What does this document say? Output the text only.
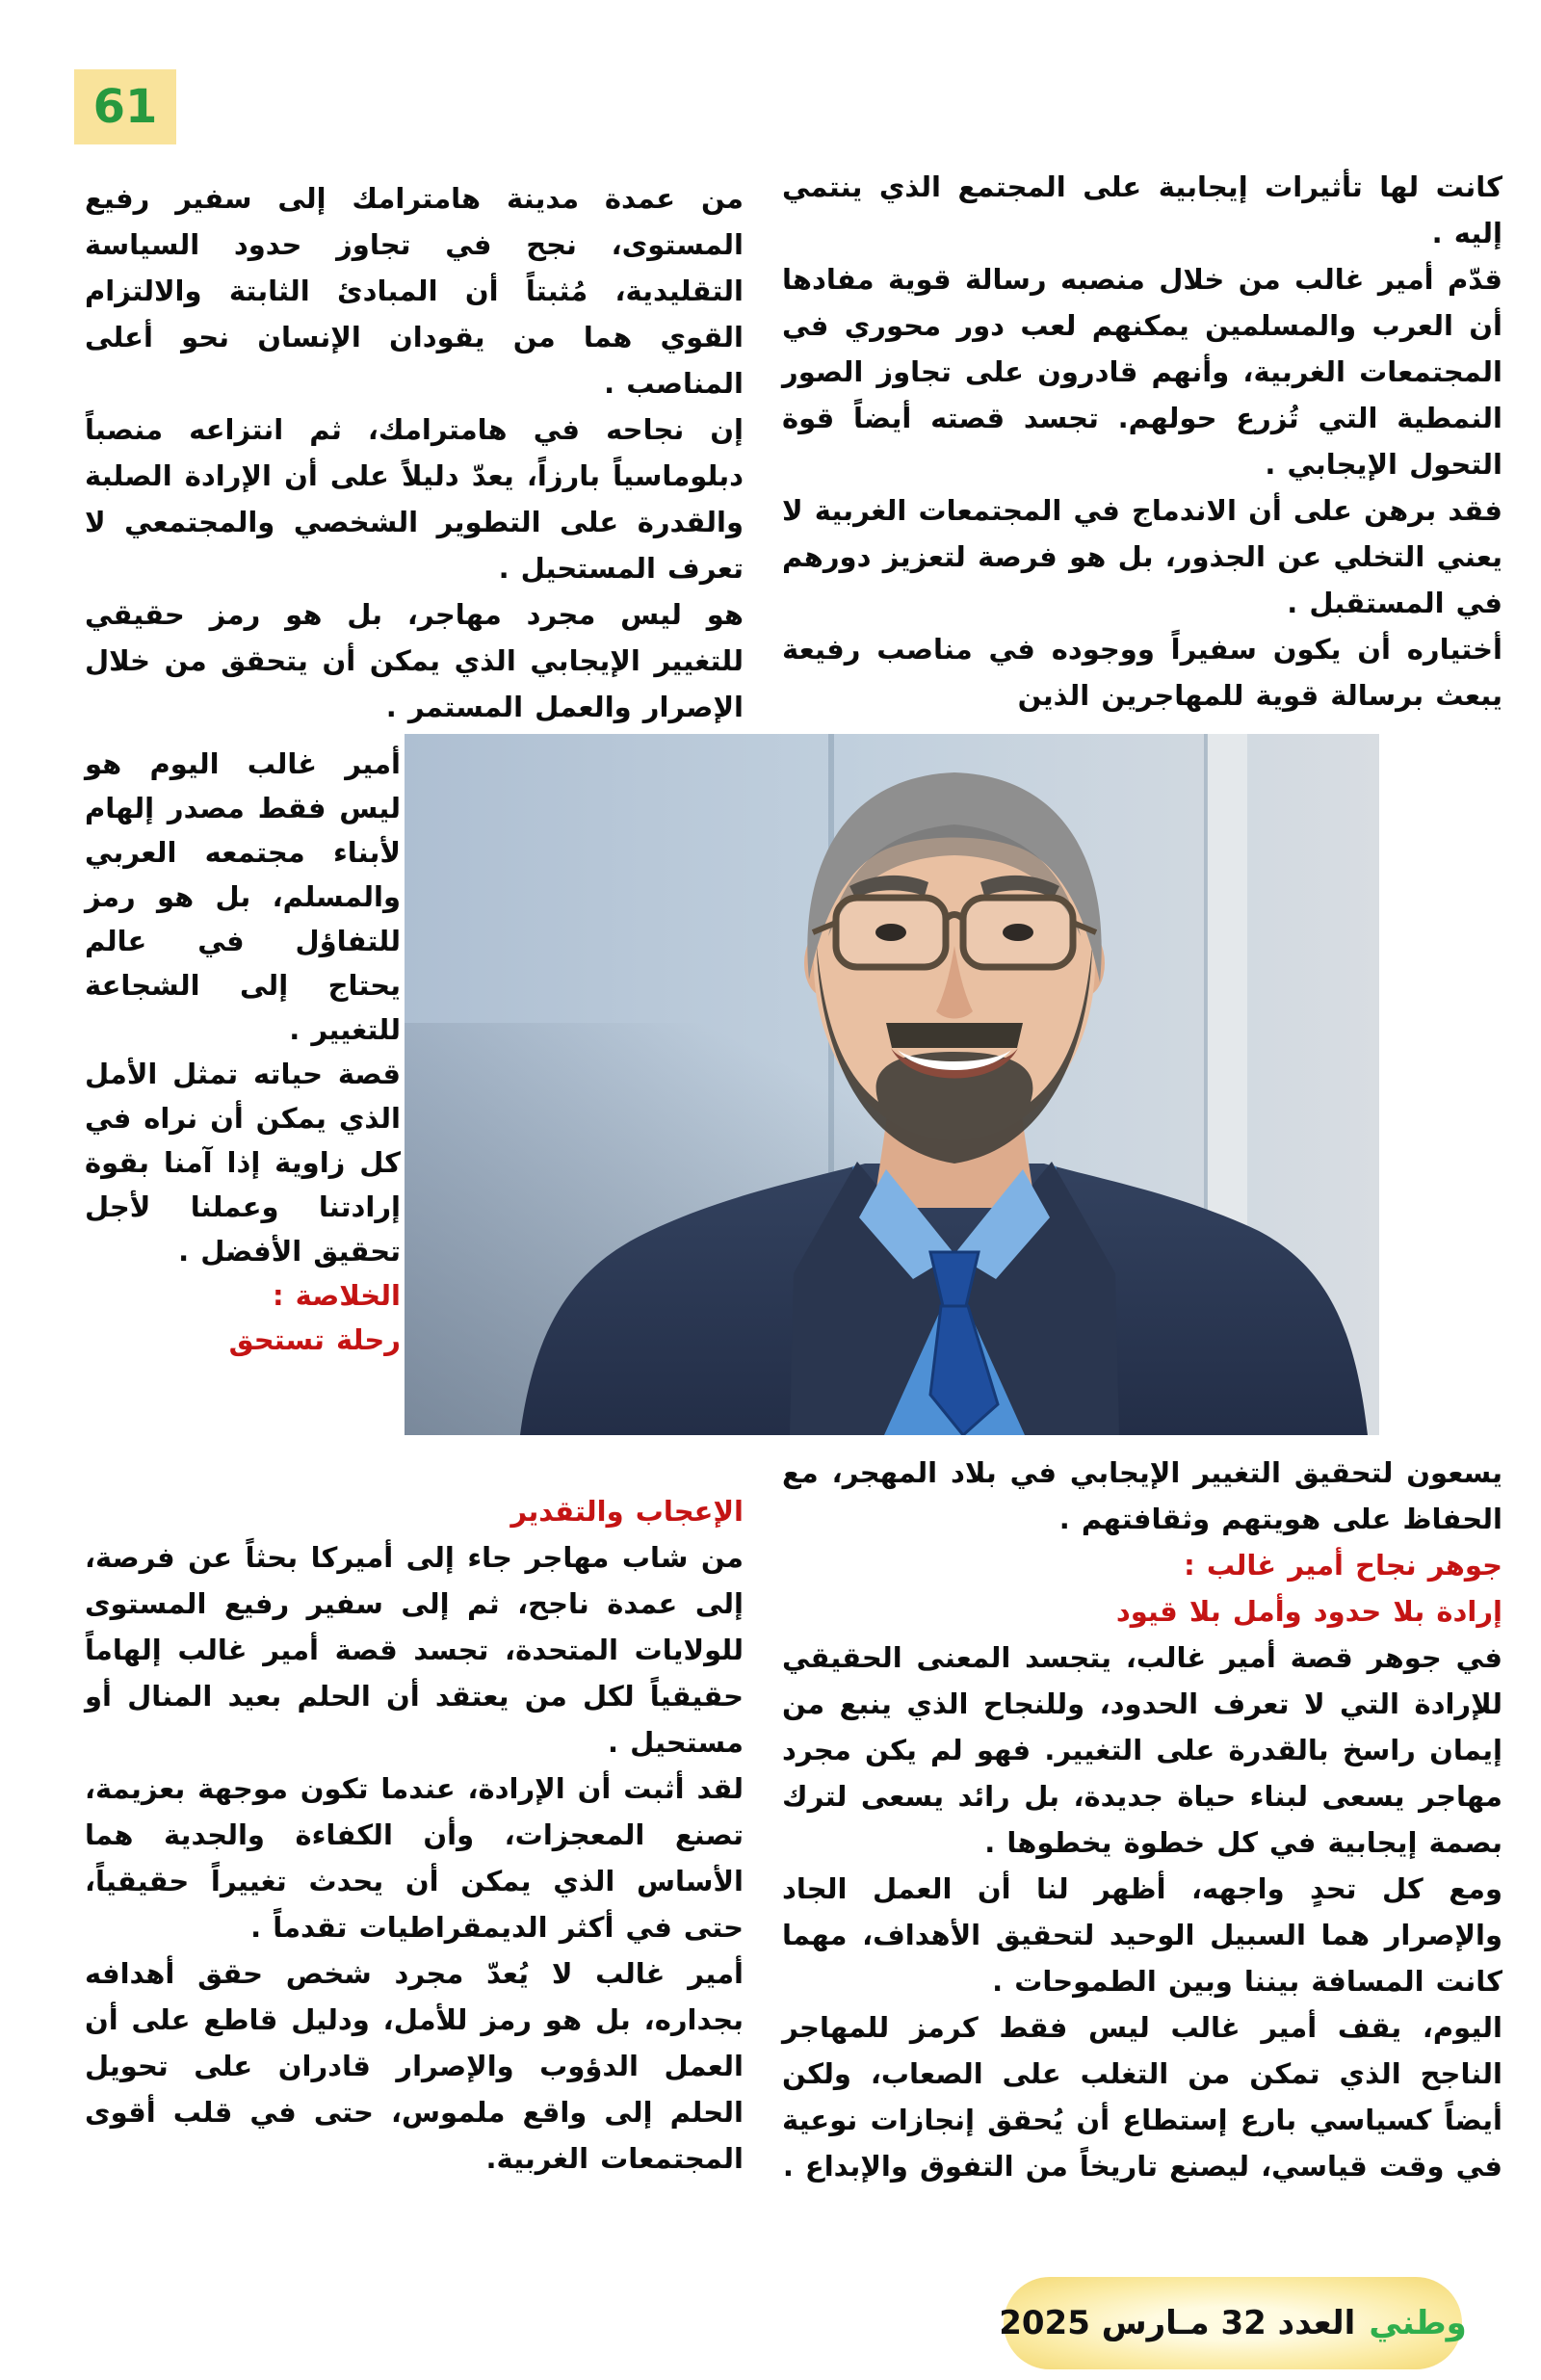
61

كانت لها تأثيرات إيجابية على المجتمع الذي ينتمي إليه .

قدّم أمير غالب من خلال منصبه رسالة قوية مفادها أن العرب والمسلمين يمكنهم لعب دور محوري في المجتمعات الغربية، وأنهم قادرون على تجاوز الصور النمطية التي تُزرع حولهم. تجسد قصته أيضاً قوة التحول الإيجابي .

فقد برهن على أن الاندماج في المجتمعات الغربية لا يعني التخلي عن الجذور، بل هو فرصة لتعزيز دورهم في المستقبل .

أختياره أن يكون سفيراً ووجوده في مناصب رفيعة يبعث برسالة قوية للمهاجرين الذين

من عمدة مدينة هامترامك إلى سفير رفيع المستوى، نجح في تجاوز حدود السياسة التقليدية، مُثبتاً أن المبادئ الثابتة والالتزام القوي هما من يقودان الإنسان نحو أعلى المناصب .

إن نجاحه في هامترامك، ثم انتزاعه منصباً دبلوماسياً بارزاً، يعدّ دليلاً على أن الإرادة الصلبة والقدرة على التطوير الشخصي والمجتمعي لا تعرف المستحيل .

هو ليس مجرد مهاجر، بل هو رمز حقيقي للتغيير الإيجابي الذي يمكن أن يتحقق من خلال الإصرار والعمل المستمر .

أمير غالب اليوم هو ليس فقط مصدر إلهام لأبناء مجتمعه العربي والمسلم، بل هو رمز للتفاؤل في عالم يحتاج إلى الشجاعة للتغيير .

قصة حياته تمثل الأمل الذي يمكن أن نراه في كل زاوية إذا آمنا بقوة إرادتنا وعملنا لأجل تحقيق الأفضل .

الخلاصة :

رحلة تستحق

الإعجاب والتقدير

من شاب مهاجر جاء إلى أميركا بحثاً عن فرصة، إلى عمدة ناجح، ثم إلى سفير رفيع المستوى للولايات المتحدة، تجسد قصة أمير غالب إلهاماً حقيقياً لكل من يعتقد أن الحلم بعيد المنال أو مستحيل .

لقد أثبت أن الإرادة، عندما تكون موجهة بعزيمة، تصنع المعجزات، وأن الكفاءة والجدية هما الأساس الذي يمكن أن يحدث تغييراً حقيقياً، حتى في أكثر الديمقراطيات تقدماً .

أمير غالب لا يُعدّ مجرد شخص حقق أهدافه بجداره، بل هو رمز للأمل، ودليل قاطع على أن العمل الدؤوب والإصرار قادران على تحويل الحلم إلى واقع ملموس، حتى في قلب أقوى المجتمعات الغربية.

يسعون لتحقيق التغيير الإيجابي في بلاد المهجر، مع الحفاظ على هويتهم وثقافتهم .

جوهر نجاح أمير غالب :

إرادة بلا حدود وأمل بلا قيود

في جوهر قصة أمير غالب، يتجسد المعنى الحقيقي للإرادة التي لا تعرف الحدود، وللنجاح الذي ينبع من إيمان راسخ بالقدرة على التغيير. فهو لم يكن مجرد مهاجر يسعى لبناء حياة جديدة، بل رائد يسعى لترك بصمة إيجابية في كل خطوة يخطوها .

ومع كل تحدٍ واجهه، أظهر لنا أن العمل الجاد والإصرار هما السبيل الوحيد لتحقيق الأهداف، مهما كانت المسافة بيننا وبين الطموحات .

اليوم، يقف أمير غالب ليس فقط كرمز للمهاجر الناجح الذي تمكن من التغلب على الصعاب، ولكن أيضاً كسياسي بارع إستطاع أن يُحقق إنجازات نوعية في وقت قياسي، ليصنع تاريخاً من التفوق والإبداع .

وطني
العدد 32 مـارس 2025
